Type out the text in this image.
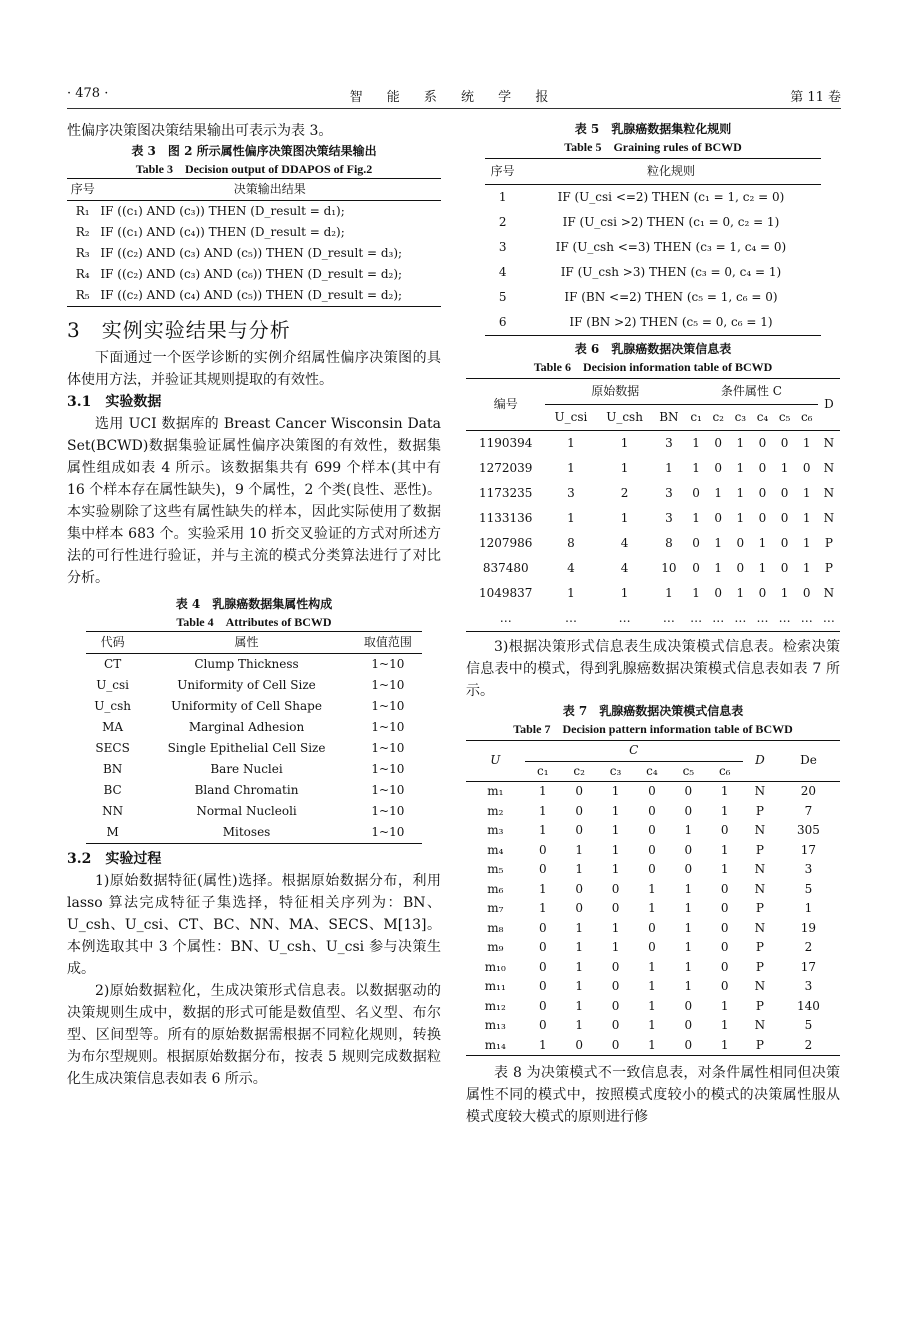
· 478 ·	智 能 系 统 学 报	第 11 卷

性偏序决策图决策结果输出可表示为表 3。

表 3　图 2 所示属性偏序决策图决策结果输出
Table 3　Decision output of DDAPOS of Fig.2
序号	决策输出结果
R₁	IF ((c₁) AND (c₃)) THEN (D_result = d₁);
R₂	IF ((c₁) AND (c₄)) THEN (D_result = d₂);
R₃	IF ((c₂) AND (c₃) AND (c₅)) THEN (D_result = d₃);
R₄	IF ((c₂) AND (c₃) AND (c₆)) THEN (D_result = d₂);
R₅	IF ((c₂) AND (c₄) AND (c₅)) THEN (D_result = d₂);
3　实例实验结果与分析

下面通过一个医学诊断的实例介绍属性偏序决策图的具体使用方法，并验证其规则提取的有效性。

3.1　实验数据

选用 UCI 数据库的 Breast Cancer Wisconsin Data Set(BCWD)数据集验证属性偏序决策图的有效性，数据集属性组成如表 4 所示。该数据集共有 699 个样本(其中有 16 个样本存在属性缺失)，9 个属性，2 个类(良性、恶性)。本实验剔除了这些有属性缺失的样本，因此实际使用了数据集中样本 683 个。实验采用 10 折交叉验证的方式对所述方法的可行性进行验证，并与主流的模式分类算法进行了对比分析。

表 4　乳腺癌数据集属性构成
Table 4　Attributes of BCWD
代码	属性	取值范围
CT	Clump Thickness	1~10
U_csi	Uniformity of Cell Size	1~10
U_csh	Uniformity of Cell Shape	1~10
MA	Marginal Adhesion	1~10
SECS	Single Epithelial Cell Size	1~10
BN	Bare Nuclei	1~10
BC	Bland Chromatin	1~10
NN	Normal Nucleoli	1~10
M	Mitoses	1~10

3.2　实验过程

1)原始数据特征(属性)选择。根据原始数据分布，利用 lasso 算法完成特征子集选择，特征相关序列为：BN、U_csh、U_csi、CT、BC、NN、MA、SECS、M[13]。本例选取其中 3 个属性：BN、U_csh、U_csi 参与决策生成。

2)原始数据粒化，生成决策形式信息表。以数据驱动的决策规则生成中，数据的形式可能是数值型、名义型、布尔型、区间型等。所有的原始数据需根据不同粒化规则，转换为布尔型规则。根据原始数据分布，按表 5 规则完成数据粒化生成决策信息表如表 6 所示。

表 5　乳腺癌数据集粒化规则
Table 5　Graining rules of BCWD
序号	粒化规则
1	IF (U_csi <=2) THEN (c₁ = 1, c₂ = 0)
2	IF (U_csi >2) THEN (c₁ = 0, c₂ = 1)
3	IF (U_csh <=3) THEN (c₃ = 1, c₄ = 0)
4	IF (U_csh >3) THEN (c₃ = 0, c₄ = 1)
5	IF (BN <=2) THEN (c₅ = 1, c₆ = 0)
6	IF (BN >2) THEN (c₅ = 0, c₆ = 1)
表 6　乳腺癌数据决策信息表
Table 6　Decision information table of BCWD
编号	原始数据			条件属性 C						D
	U_csi	U_csh	BN	c₁	c₂	c₃	c₄	c₅	c₆	
1190394	1	1	3	1	0	1	0	0	1	N
1272039	1	1	1	1	0	1	0	1	0	N
1173235	3	2	3	0	1	1	0	0	1	N
1133136	1	1	3	1	0	1	0	0	1	N
1207986	8	4	8	0	1	0	1	0	1	P
837480	4	4	10	0	1	0	1	0	1	P
1049837	1	1	1	1	0	1	0	1	0	N
…	…	…	…	…	…	…	…	…	…	…

3)根据决策形式信息表生成决策模式信息表。检索决策信息表中的模式，得到乳腺癌数据决策模式信息表如表 7 所示。

表 7　乳腺癌数据决策模式信息表
Table 7　Decision pattern information table of BCWD
U	C						D	De
	c₁	c₂	c₃	c₄	c₅	c₆		
m₁	1	0	1	0	0	1	N	20
m₂	1	0	1	0	0	1	P	7
m₃	1	0	1	0	1	0	N	305
m₄	0	1	1	0	0	1	P	17
m₅	0	1	1	0	0	1	N	3
m₆	1	0	0	1	1	0	N	5
m₇	1	0	0	1	1	0	P	1
m₈	0	1	1	0	1	0	N	19
m₉	0	1	1	0	1	0	P	2
m₁₀	0	1	0	1	1	0	P	17
m₁₁	0	1	0	1	1	0	N	3
m₁₂	0	1	0	1	0	1	P	140
m₁₃	0	1	0	1	0	1	N	5
m₁₄	1	0	0	1	0	1	P	2

表 8 为决策模式不一致信息表，对条件属性相同但决策属性不同的模式中，按照模式度较小的模式的决策属性服从模式度较大模式的原则进行修
